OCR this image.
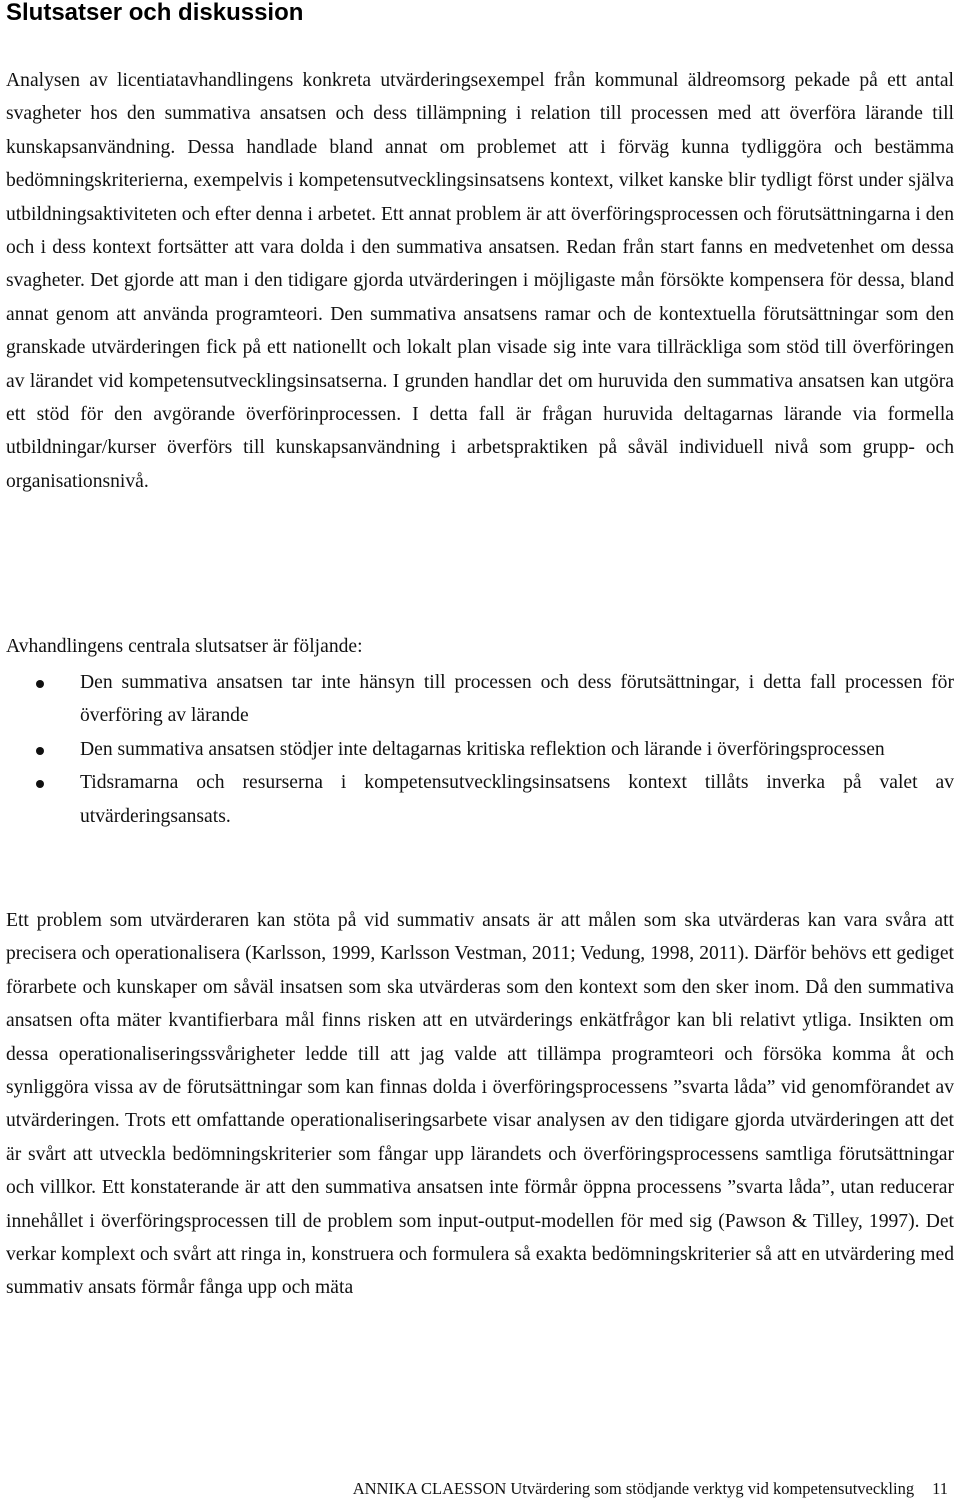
Slutsatser och diskussion

Analysen av licentiatavhandlingens konkreta utvärderingsexempel från kommunal äldreomsorg pekade på ett antal svagheter hos den summativa ansatsen och dess tillämpning i relation till processen med att överföra lärande till kunskapsanvändning. Dessa handlade bland annat om problemet att i förväg kunna tydliggöra och bestämma bedömningskriterierna, exempelvis i kompetensutvecklingsinsatsens kontext, vilket kanske blir tydligt först under själva utbildningsaktiviteten och efter denna i arbetet. Ett annat problem är att överföringsprocessen och förutsättningarna i den och i dess kontext fortsätter att vara dolda i den summativa ansatsen. Redan från start fanns en medvetenhet om dessa svagheter. Det gjorde att man i den tidigare gjorda utvärderingen i möjligaste mån försökte kompensera för dessa, bland annat genom att använda programteori. Den summativa ansatsens ramar och de kontextuella förutsättningar som den granskade utvärderingen fick på ett nationellt och lokalt plan visade sig inte vara tillräckliga som stöd till överföringen av lärandet vid kompetensutvecklingsinsatserna. I grunden handlar det om huruvida den summativa ansatsen kan utgöra ett stöd för den avgörande överförinprocessen. I detta fall är frågan huruvida deltagarnas lärande via formella utbildningar/kurser överförs till kunskapsanvändning i arbetspraktiken på såväl individuell nivå som grupp- och organisationsnivå.

Avhandlingens centrala slutsatser är följande:

Den summativa ansatsen tar inte hänsyn till processen och dess förutsättningar, i detta fall processen för överföring av lärande
Den summativa ansatsen stödjer inte deltagarnas kritiska reflektion och lärande i överföringsprocessen
Tidsramarna och resurserna i kompetensutvecklingsinsatsens kontext tillåts inverka på valet av utvärderingsansats.

Ett problem som utvärderaren kan stöta på vid summativ ansats är att målen som ska utvärderas kan vara svåra att precisera och operationalisera (Karlsson, 1999, Karlsson Vestman, 2011; Vedung, 1998, 2011). Därför behövs ett gediget förarbete och kunskaper om såväl insatsen som ska utvärderas som den kontext som den sker inom. Då den summativa ansatsen ofta mäter kvantifierbara mål finns risken att en utvärderings enkätfrågor kan bli relativt ytliga. Insikten om dessa operationaliseringssvårigheter ledde till att jag valde att tillämpa programteori och försöka komma åt och synliggöra vissa av de förutsättningar som kan finnas dolda i överföringsprocessens ”svarta låda” vid genomförandet av utvärderingen. Trots ett omfattande operationaliseringsarbete visar analysen av den tidigare gjorda utvärderingen att det är svårt att utveckla bedömningskriterier som fångar upp lärandets och överföringsprocessens samtliga förutsättningar och villkor. Ett konstaterande är att den summativa ansatsen inte förmår öppna processens ”svarta låda”, utan reducerar innehållet i överföringsprocessen till de problem som input-output-modellen för med sig (Pawson & Tilley, 1997). Det verkar komplext och svårt att ringa in, konstruera och formulera så exakta bedömningskriterier så att en utvärdering med summativ ansats förmår fånga upp och mäta

ANNIKA CLAESSON Utvärdering som stödjande verktyg vid kompetensutveckling 11
